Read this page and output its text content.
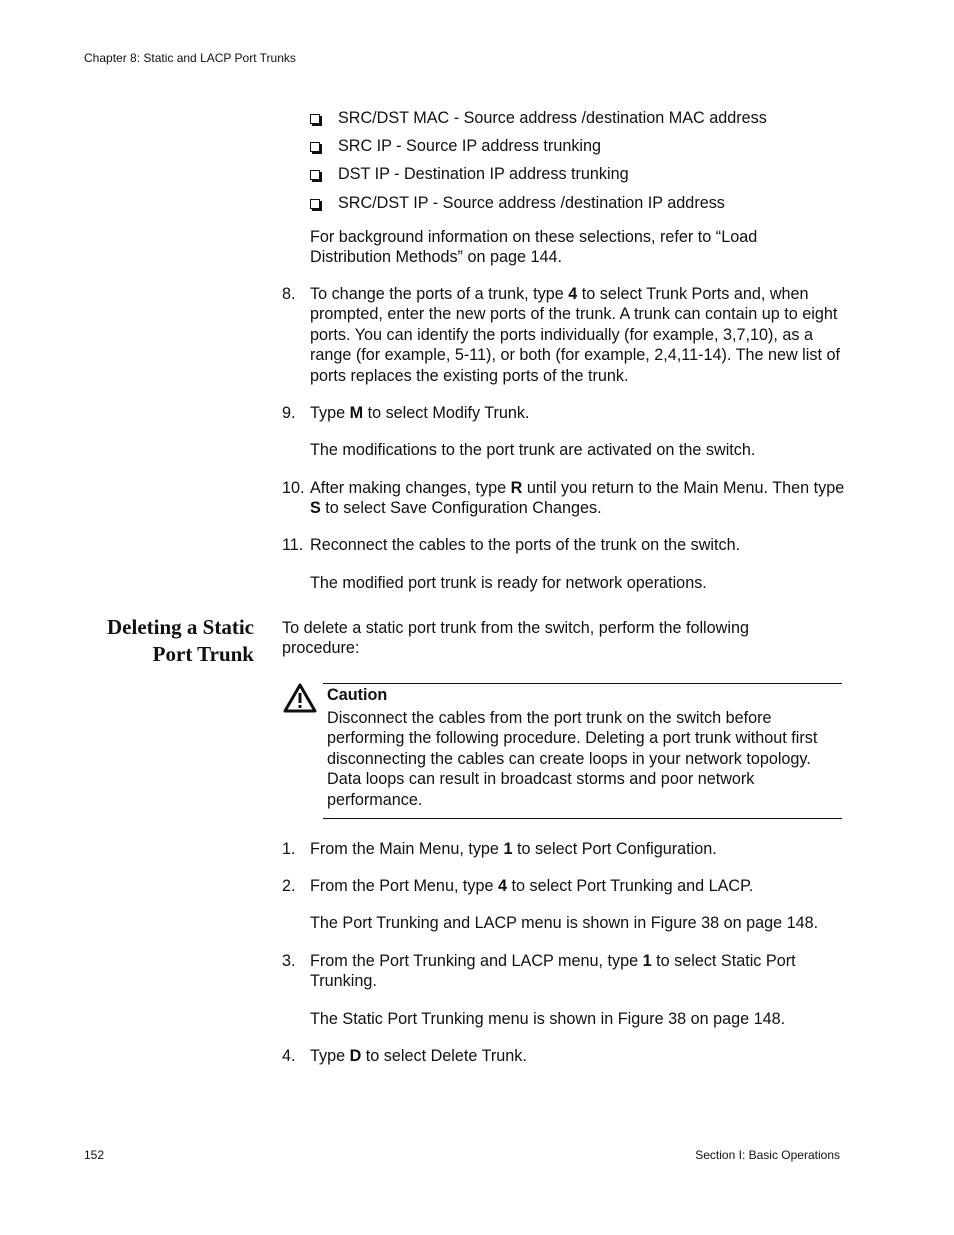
Chapter 8: Static and LACP Port Trunks
SRC/DST MAC - Source address /destination MAC address
SRC IP - Source IP address trunking
DST IP - Destination IP address trunking
SRC/DST IP - Source address /destination IP address
For background information on these selections, refer to “Load Distribution Methods” on page 144.
8. To change the ports of a trunk, type 4 to select Trunk Ports and, when prompted, enter the new ports of the trunk. A trunk can contain up to eight ports. You can identify the ports individually (for example, 3,7,10), as a range (for example, 5-11), or both (for example, 2,4,11-14). The new list of ports replaces the existing ports of the trunk.
9. Type M to select Modify Trunk.
The modifications to the port trunk are activated on the switch.
10. After making changes, type R until you return to the Main Menu. Then type S to select Save Configuration Changes.
11. Reconnect the cables to the ports of the trunk on the switch.
The modified port trunk is ready for network operations.
Deleting a Static
Port Trunk
To delete a static port trunk from the switch, perform the following procedure:
Caution
Disconnect the cables from the port trunk on the switch before performing the following procedure. Deleting a port trunk without first disconnecting the cables can create loops in your network topology. Data loops can result in broadcast storms and poor network performance.
1. From the Main Menu, type 1 to select Port Configuration.
2. From the Port Menu, type 4 to select Port Trunking and LACP.
The Port Trunking and LACP menu is shown in Figure 38 on page 148.
3. From the Port Trunking and LACP menu, type 1 to select Static Port Trunking.
The Static Port Trunking menu is shown in Figure 38 on page 148.
4. Type D to select Delete Trunk.
152	Section I: Basic Operations
